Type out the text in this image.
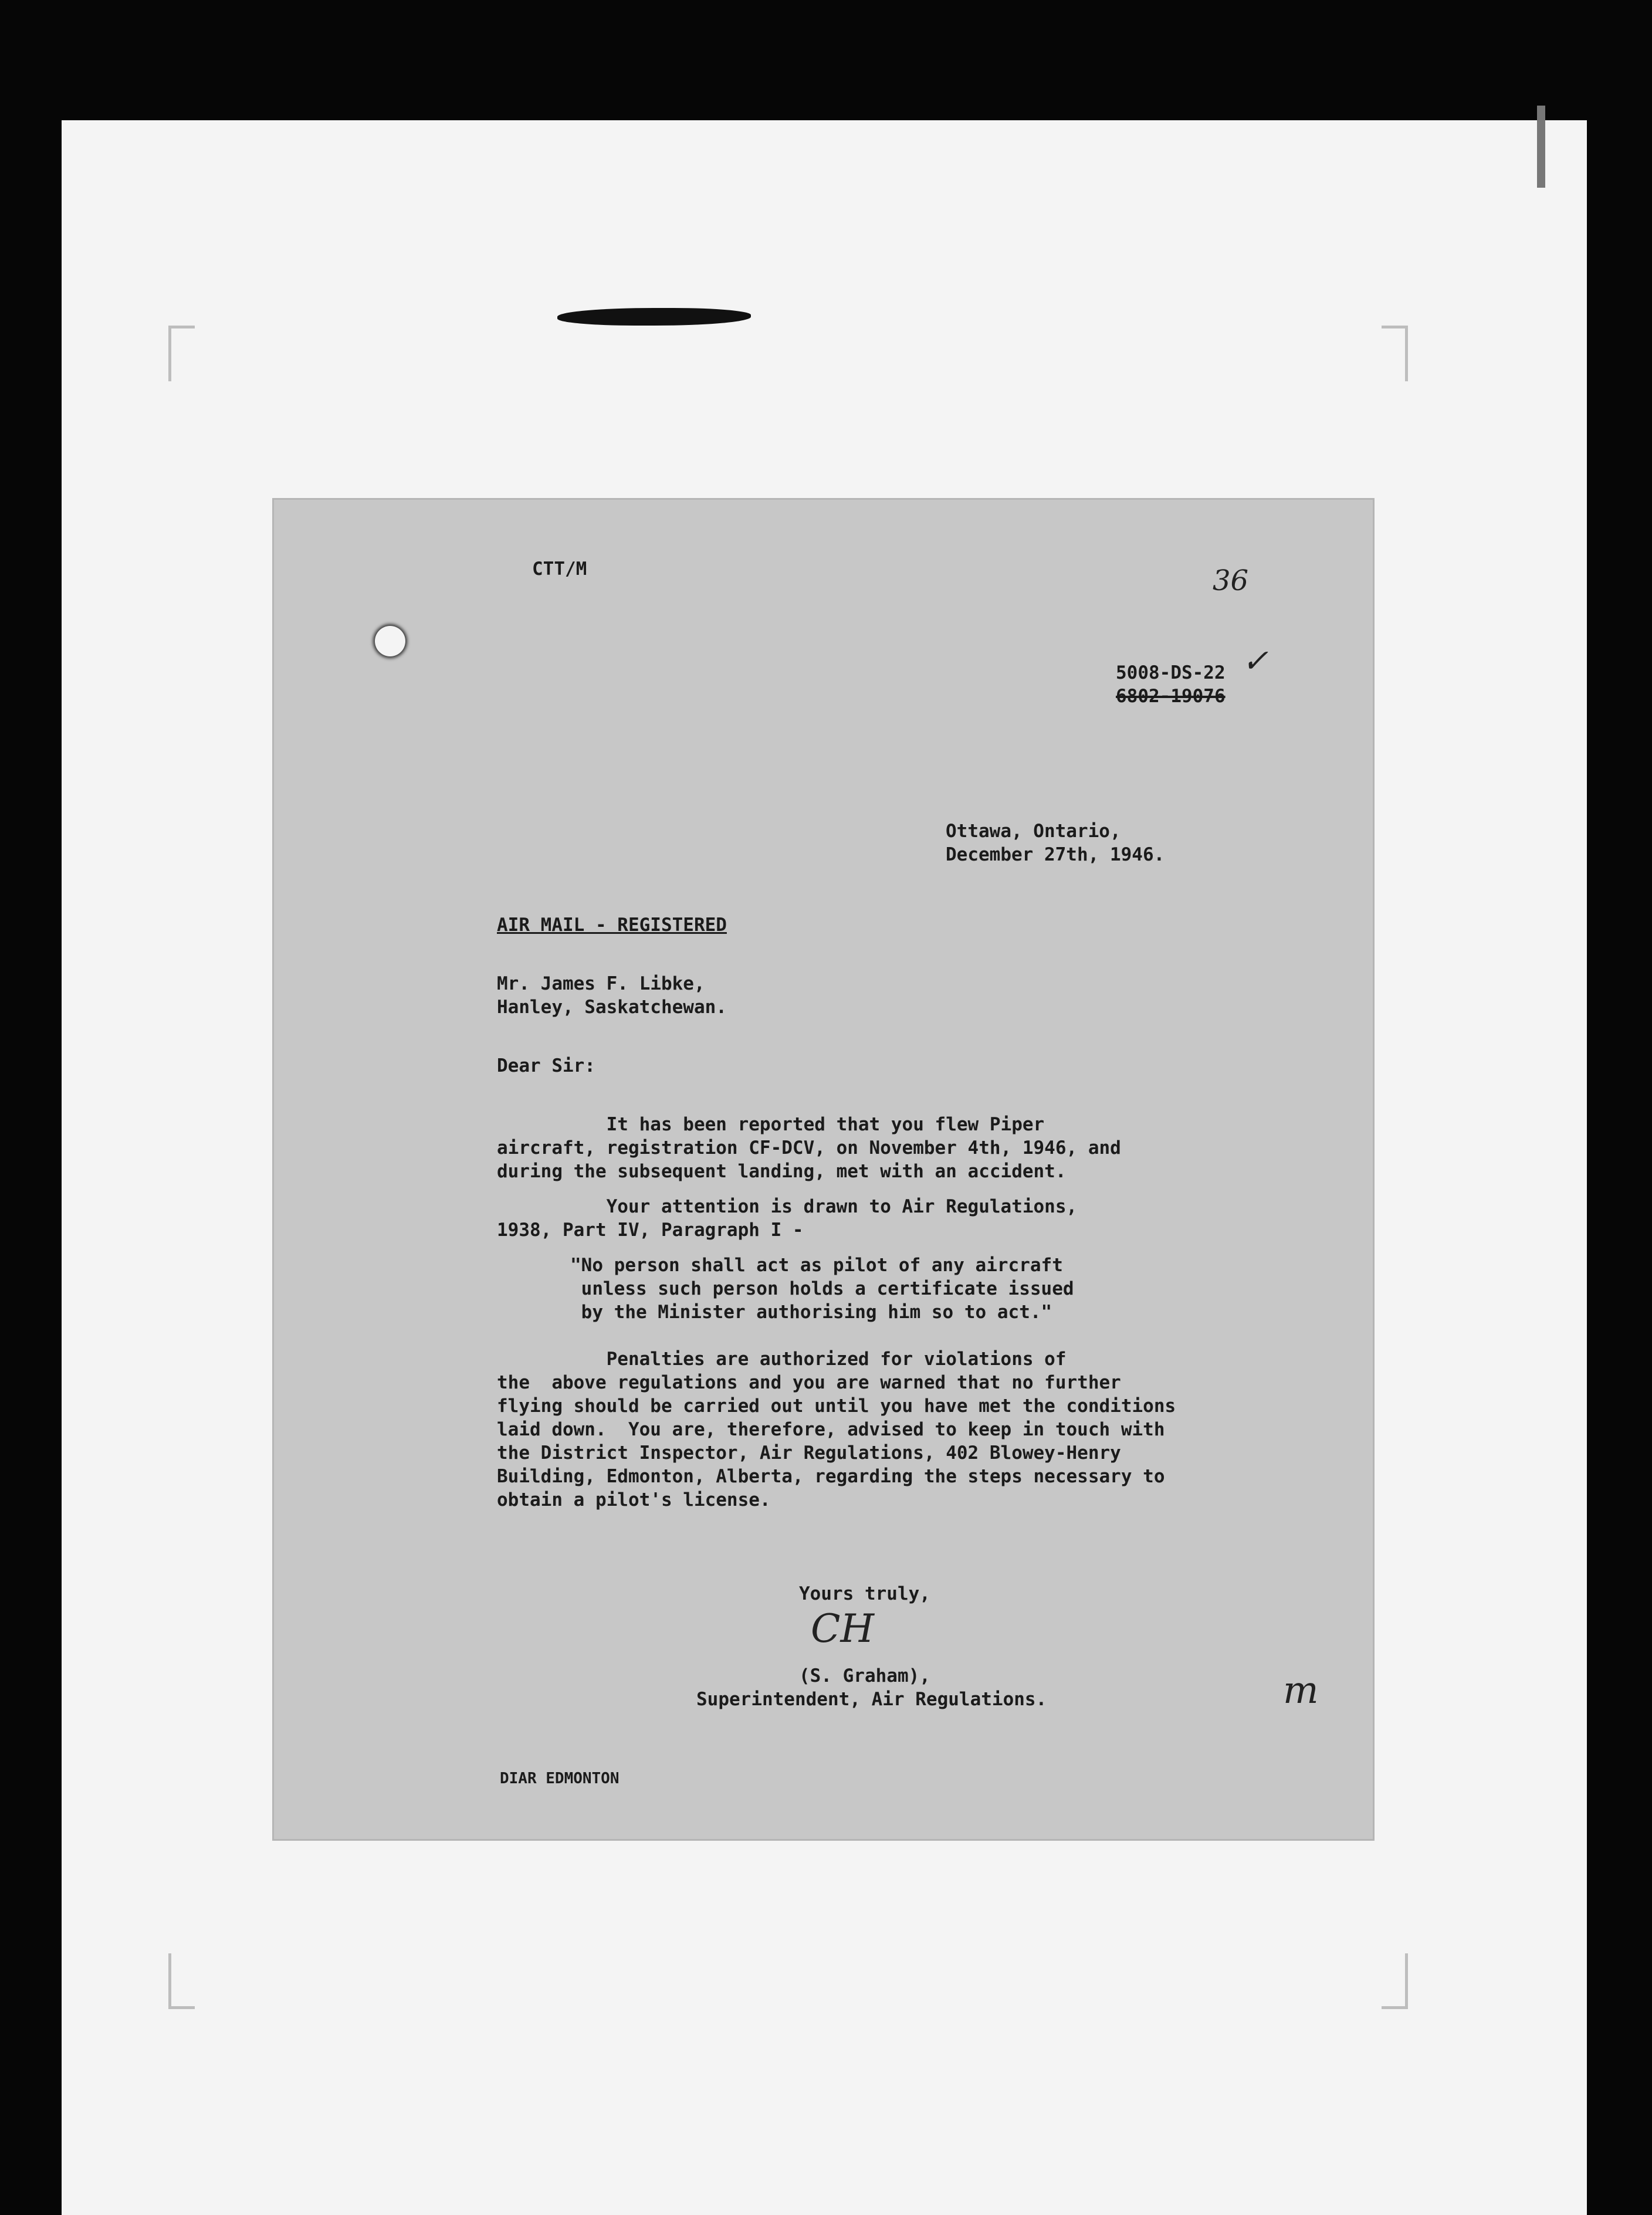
CTT/M	36
5008-DS-22 ✓
6802-19076
Ottawa, Ontario,
December 27th, 1946.
AIR MAIL - REGISTERED
Mr. James F. Libke,
Hanley, Saskatchewan.
Dear Sir:
It has been reported that you flew Piper
aircraft, registration CF-DCV, on November 4th, 1946, and
during the subsequent landing, met with an accident.
Your attention is drawn to Air Regulations,
1938, Part IV, Paragraph I -
"No person shall act as pilot of any aircraft
unless such person holds a certificate issued
by the Minister authorising him so to act."
Penalties are authorized for violations of
the  above regulations and you are warned that no further
flying should be carried out until you have met the conditions
laid down.  You are, therefore, advised to keep in touch with
the District Inspector, Air Regulations, 402 Blowey-Henry
Building, Edmonton, Alberta, regarding the steps necessary to
obtain a pilot's license.
Yours truly,
CH
(S. Graham),
Superintendent, Air Regulations.	m
DIAR EDMONTON
